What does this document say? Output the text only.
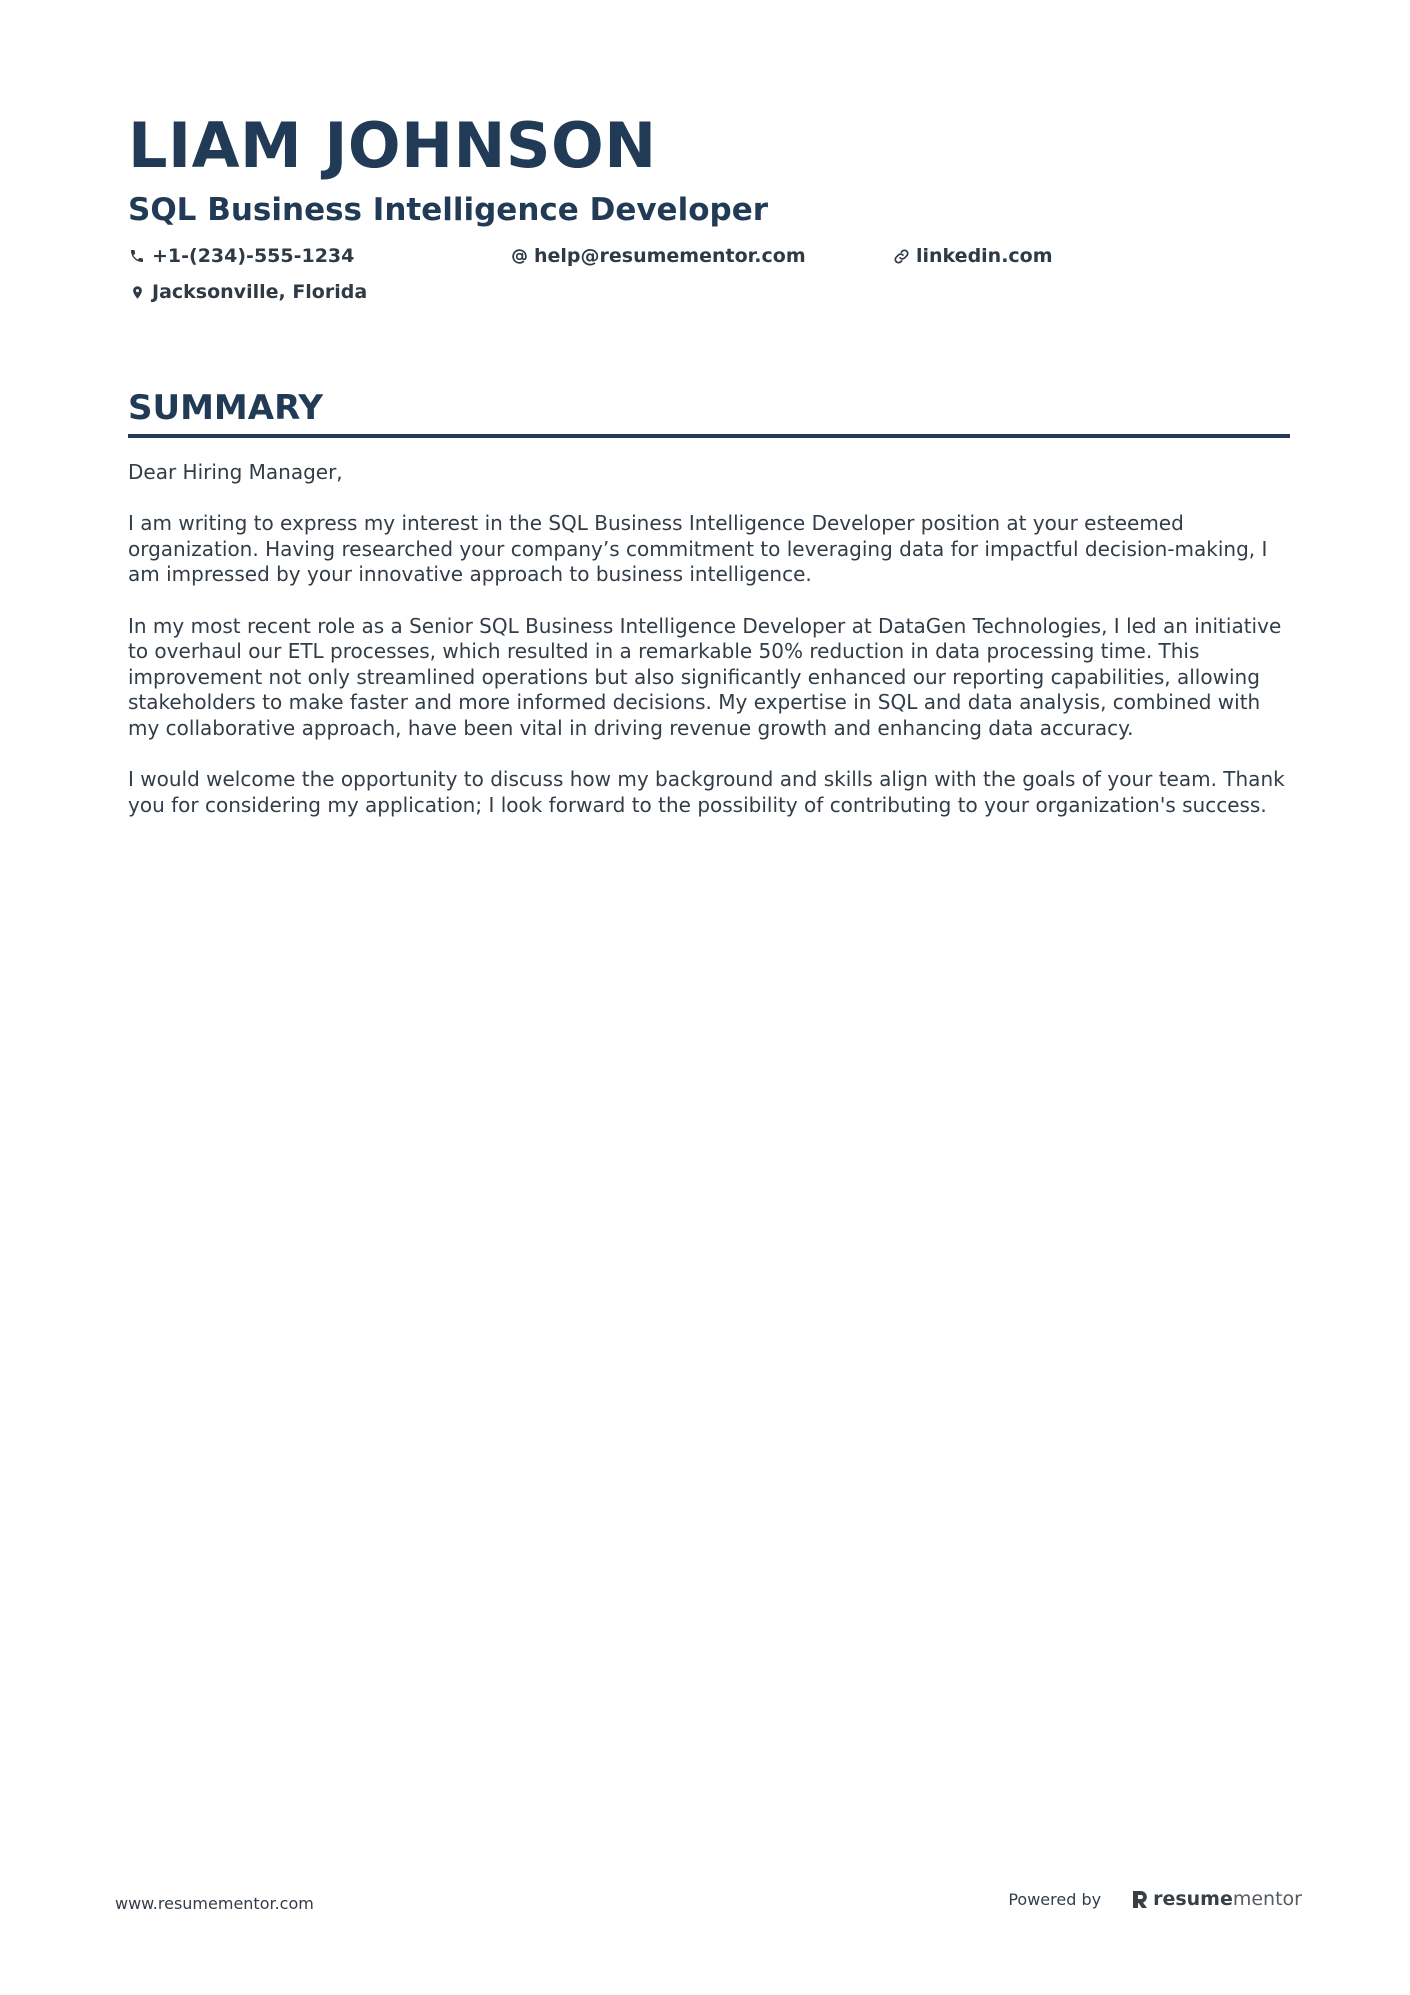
LIAM JOHNSON
SQL Business Intelligence Developer
+1-(234)-555-1234	help@resumementor.com	linkedin.com
Jacksonville, Florida
SUMMARY

Dear Hiring Manager,

I am writing to express my interest in the SQL Business Intelligence Developer position at your esteemed organization. Having researched your company’s commitment to leveraging data for impactful decision-making, I am impressed by your innovative approach to business intelligence.

In my most recent role as a Senior SQL Business Intelligence Developer at DataGen Technologies, I led an initiative to overhaul our ETL processes, which resulted in a remarkable 50% reduction in data processing time. This improvement not only streamlined operations but also significantly enhanced our reporting capabilities, allowing stakeholders to make faster and more informed decisions. My expertise in SQL and data analysis, combined with my collaborative approach, have been vital in driving revenue growth and enhancing data accuracy.

I would welcome the opportunity to discuss how my background and skills align with the goals of your team. Thank you for considering my application; I look forward to the possibility of contributing to your organization's success.

www.resumementor.com	Powered by	resume mentor
